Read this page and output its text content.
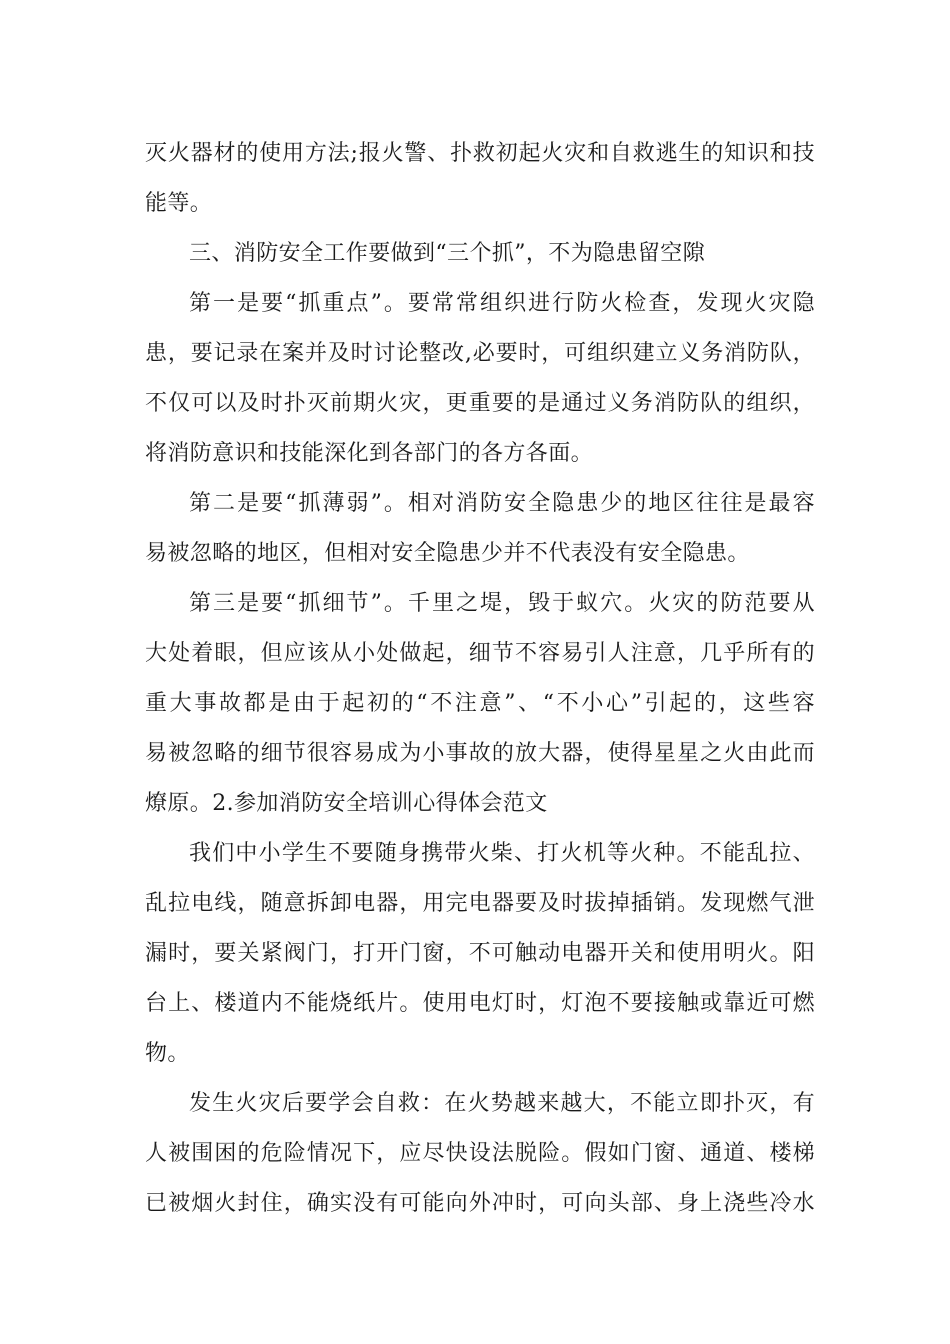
灭火器材的使用方法;报火警、扑救初起火灾和自救逃生的知识和技
能等。
三、消防安全工作要做到“三个抓”，不为隐患留空隙
第一是要“抓重点”。要常常组织进行防火检查，发现火灾隐
患，要记录在案并及时讨论整改,必要时，可组织建立义务消防队，
不仅可以及时扑灭前期火灾，更重要的是通过义务消防队的组织，
将消防意识和技能深化到各部门的各方各面。
第二是要“抓薄弱”。相对消防安全隐患少的地区往往是最容
易被忽略的地区，但相对安全隐患少并不代表没有安全隐患。
第三是要“抓细节”。千里之堤，毁于蚁穴。火灾的防范要从
大处着眼，但应该从小处做起，细节不容易引人注意，几乎所有的
重大事故都是由于起初的“不注意”、“不小心”引起的，这些容
易被忽略的细节很容易成为小事故的放大器，使得星星之火由此而
燎原。2.参加消防安全培训心得体会范文
我们中小学生不要随身携带火柴、打火机等火种。不能乱拉、
乱拉电线，随意拆卸电器，用完电器要及时拔掉插销。发现燃气泄
漏时，要关紧阀门，打开门窗，不可触动电器开关和使用明火。阳
台上、楼道内不能烧纸片。使用电灯时，灯泡不要接触或靠近可燃
物。
发生火灾后要学会自救：在火势越来越大，不能立即扑灭，有
人被围困的危险情况下，应尽快设法脱险。假如门窗、通道、楼梯
已被烟火封住，确实没有可能向外冲时，可向头部、身上浇些冷水
